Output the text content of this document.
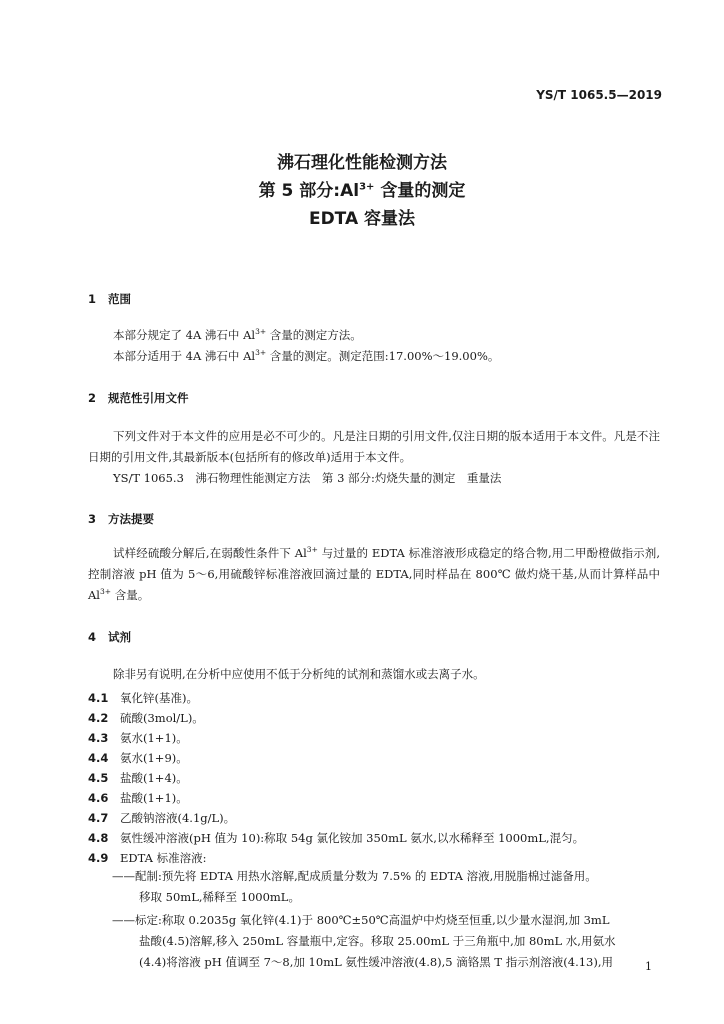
YS/T 1065.5—2019
沸石理化性能检测方法
第 5 部分$:Al^{3+}$ 含量的测定
EDTA 容量法
1 范围
本部分规定了 4A 沸石中 $Al^{3+}$ 含量的测定方法。
本部分适用于 4A 沸石中 $Al^{3+}$ 含量的测定。测定范围:17.00%～19.00%。
2 规范性引用文件
下列文件对于本文件的应用是必不可少的。凡是注日期的引用文件,仅注日期的版本适用于本文件。凡是不注日期的引用文件,其最新版本(包括所有的修改单)适用于本文件。
YS/T 1065.3　沸石物理性能测定方法　第 3 部分:灼烧失量的测定　重量法
3 方法提要
试样经硫酸分解后,在弱酸性条件下 $Al^{3+}$ 与过量的 EDTA 标准溶液形成稳定的络合物,用二甲酚橙做指示剂,控制溶液 pH 值为 5～6,用硫酸锌标准溶液回滴过量的 EDTA,同时样品在 800℃ 做灼烧干基,从而计算样品中 $Al^{3+}$ 含量。
4 试剂
除非另有说明,在分析中应使用不低于分析纯的试剂和蒸馏水或去离子水。
4.1 氧化锌(基准)。
4.2 硫酸(3mol/L)。
4.3 氨水(1+1)。
4.4 氨水(1+9)。
4.5 盐酸(1+4)。
4.6 盐酸(1+1)。
4.7 乙酸钠溶液(4.1g/L)。
4.8 氨性缓冲溶液(pH 值为 10):称取 54g 氯化铵加 350mL 氨水,以水稀释至 1000mL,混匀。
4.9 EDTA 标准溶液:
——配制:预先将 EDTA 用热水溶解,配成质量分数为 7.5% 的 EDTA 溶液,用脱脂棉过滤备用。
移取 50mL,稀释至 1000mL。
——标定:称取 0.2035g 氧化锌(4.1)于 800℃±50℃高温炉中灼烧至恒重,以少量水湿润,加 3mL
盐酸(4.5)溶解,移入 250mL 容量瓶中,定容。移取 25.00mL 于三角瓶中,加 80mL 水,用氨水
(4.4)将溶液 pH 值调至 7～8,加 10mL 氨性缓冲溶液(4.8),5 滴铬黑 T 指示剂溶液(4.13),用	1
